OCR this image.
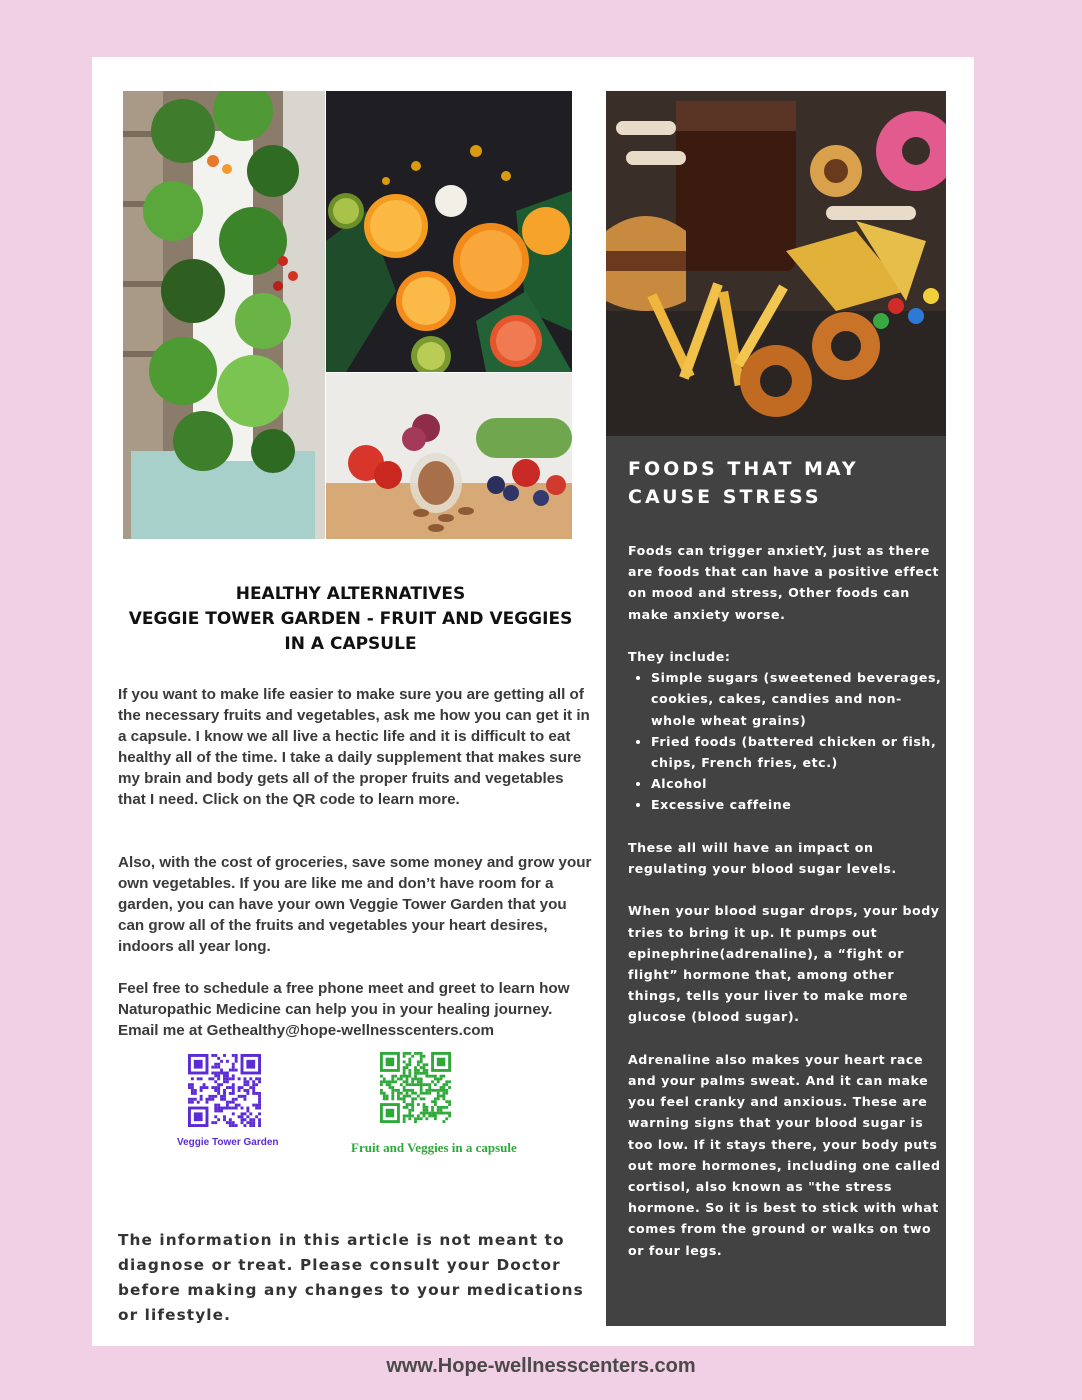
HEALTHY ALTERNATIVES
VEGGIE TOWER GARDEN - FRUIT AND VEGGIES
IN A CAPSULE
If you want to make life easier to make sure you are getting all of the necessary fruits and vegetables, ask me how you can get it in a capsule. I know we all live a hectic life and it is difficult to eat healthy all of the time. I take a daily supplement that makes sure my brain and body gets all of the proper fruits and vegetables that I need. Click on the QR code to learn more.
Also, with the cost of groceries, save some money and grow your own vegetables. If you are like me and don’t have room for a garden, you can have your own Veggie Tower Garden that you can grow all of the fruits and vegetables your heart desires, indoors all year long.
Feel free to schedule a free phone meet and greet to learn how Naturopathic Medicine can help you in your healing journey. Email me at Gethealthy@hope-wellnesscenters.com
Veggie Tower Garden	Fruit and Veggies in a capsule
The information in this article is not meant to diagnose or treat. Please consult your Doctor before making any changes to your medications or lifestyle.
FOODS THAT MAY CAUSE STRESS

Foods can trigger anxietY, just as there are foods that can have a positive effect on mood and stress, Other foods can make anxiety worse.

They include:

• Simple sugars (sweetened beverages, cookies, cakes, candies and non-whole wheat grains)
• Fried foods (battered chicken or fish, chips, French fries, etc.)
• Alcohol
• Excessive caffeine

These all will have an impact on regulating your blood sugar levels.

When your blood sugar drops, your body tries to bring it up. It pumps out epinephrine(adrenaline), a “fight or flight” hormone that, among other things, tells your liver to make more glucose (blood sugar).

Adrenaline also makes your heart race and your palms sweat. And it can make you feel cranky and anxious. These are warning signs that your blood sugar is too low. If it stays there, your body puts out more hormones, including one called cortisol, also known as "the stress hormone. So it is best to stick with what comes from the ground or walks on two or four legs.

www.Hope-wellnesscenters.com
